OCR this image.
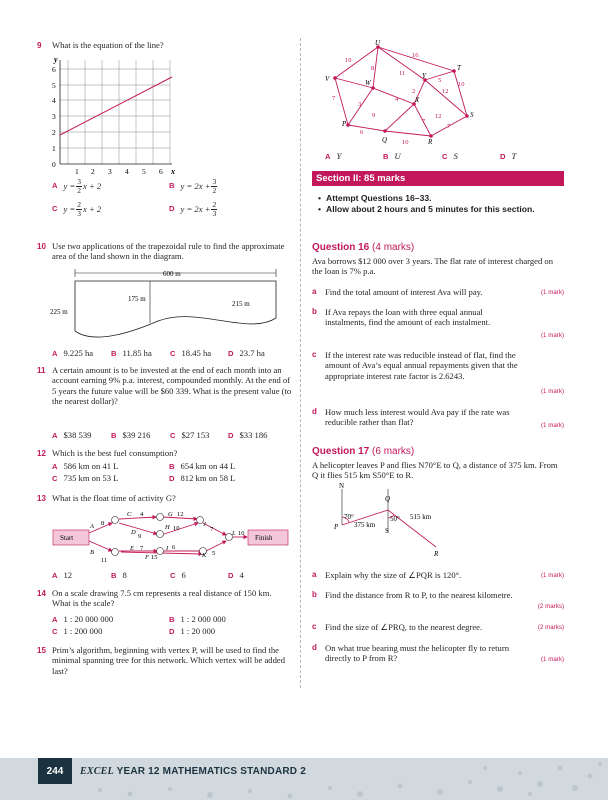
9 What is the equation of the line?
y
x
6
5
4
3
2
1
0
1 2 3 4 5 6
A $y = \frac{3}{2}$ x + 2	B $y = 2x + \frac{3}{2}$
C $y = \frac{2}{3}$ x + 2	D $y = 2x + \frac{2}{3}$
10 Use two applications of the trapezoidal rule to find the approximate area of the land shown in the diagram.
600 m
225 m
175 m
215 m
A 9.225 ha B 11.85 ha C 18.45 ha D 23.7 ha
11 A certain amount is to be invested at the end of each month into an account earning 9% p.a. interest, compounded monthly. At the end of 5 years the future value will be $60 339. What is the present value (to the nearest dollar)?
A $38 539	B $39 216	C $27 153 D $33 186
12 Which is the best fuel consumption?
A 586 km on 41 L	B 654 km on 44 L
C 735 km on 53 L	D 812 km on 58 L
13 What is the float time of activity G?
Start	Finish
A 8
B
11
C 4	G 12
D
9
E 7
F 15
H 10
I 6
J
7
K 5
L 10
A 12	B 8	C 6	D 4
14 On a scale drawing 7.5 cm represents a real distance of 150 km. What is the scale?
A 1 : 20 000 000	B 1 : 2 000 000
C 1 : 200 000	D 1 : 20 000
15 Prim’s algorithm, beginning with vertex P, will be used to find the minimal spanning tree for this network. Which vertex will be added last?
U
T
V	W
Y
X
S
P
Q	R
16
10
8
11
5
12
10
7
3
2
9
4
12
7
6
10
7
A Y	B U	C S	D T
Section II: 85 marks
• Attempt Questions 16–33.
• Allow about 2 hours and 5 minutes for this section.
Question 16 (4 marks)
Ava borrows $12 000 over 3 years. The flat rate of interest charged on the loan is 7% p.a.
a Find the total amount of interest Ava will pay.	(1 mark)
b If Ava repays the loan with three equal annual instalments, find the amount of each instalment.
(1 mark)
c If the interest rate was reducible instead of flat, find the amount of Ava’s equal annual repayments given that the appropriate interest rate factor is 2.6243.
(1 mark)
d How much less interest would Ava pay if the rate was reducible rather than flat?	(1 mark)
Question 17 (6 marks)
A helicopter leaves P and flies N70°E to Q, a distance of 375 km. From Q it flies 515 km S50°E to R.
N
S
P
Q
R
70°	50°
375 km
515 km
a Explain why the size of ∠PQR is 120°.	(1 mark)
b Find the distance from R to P, to the nearest kilometre.
(2 marks)
c Find the size of ∠PRQ, to the nearest degree.	(2 marks)
d On what true bearing must the helicopter fly to return directly to P from R?	(1 mark)
244	EXCEL YEAR 12 MATHEMATICS STANDARD 2
